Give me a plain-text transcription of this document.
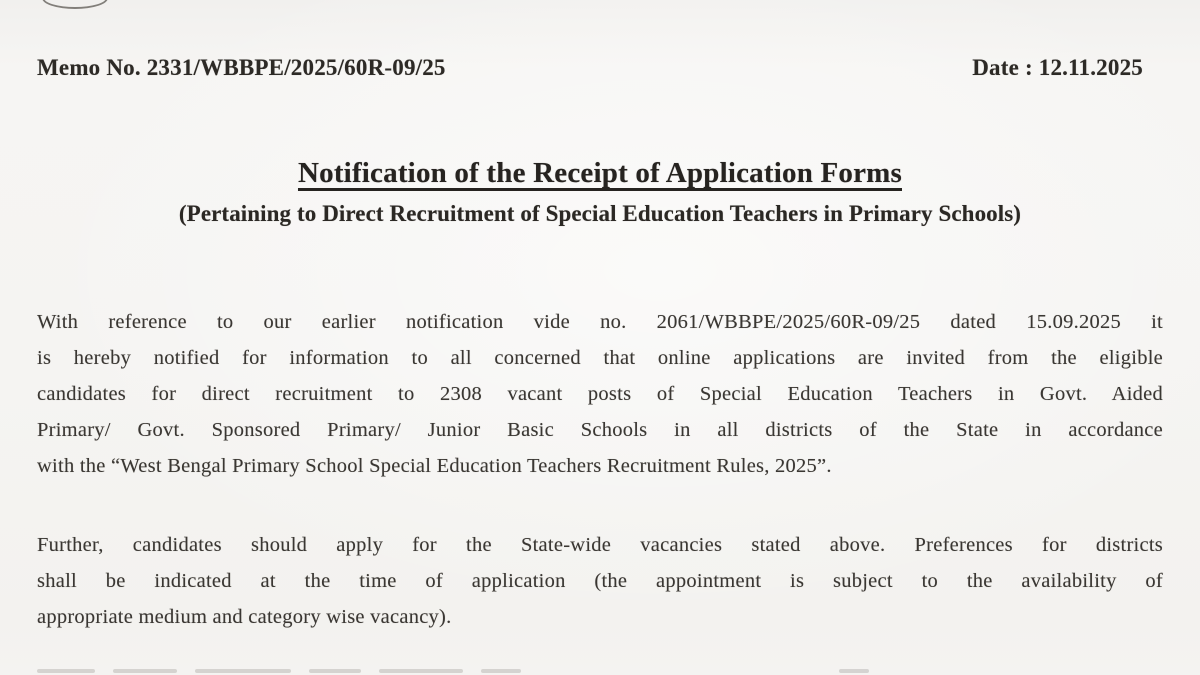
Memo No. 2331/WBBPE/2025/60R-09/25	Date : 12.11.2025
Notification of the Receipt of Application Forms
(Pertaining to Direct Recruitment of Special Education Teachers in Primary Schools)
With reference to our earlier notification vide no. 2061/WBBPE/2025/60R-09/25 dated 15.09.2025 it
is hereby notified for information to all concerned that online applications are invited from the eligible
candidates for direct recruitment to 2308 vacant posts of Special Education Teachers in Govt. Aided
Primary/ Govt. Sponsored Primary/ Junior Basic Schools in all districts of the State in accordance
with the “West Bengal Primary School Special Education Teachers Recruitment Rules, 2025”.
Further, candidates should apply for the State-wide vacancies stated above. Preferences for districts
shall be indicated at the time of application (the appointment is subject to the availability of
appropriate medium and category wise vacancy).
